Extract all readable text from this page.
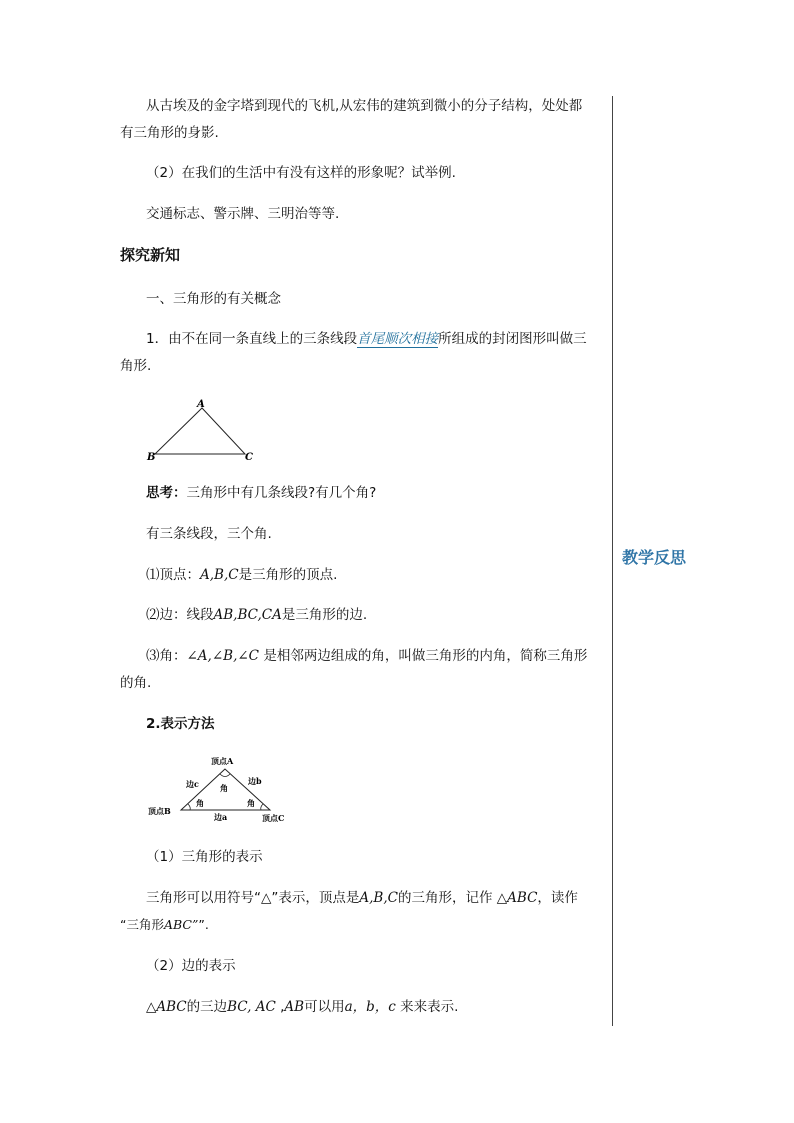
从古埃及的金字塔到现代的飞机,从宏伟的建筑到微小的分子结构，处处都
有三角形的身影.
（2）在我们的生活中有没有这样的形象呢？试举例.
交通标志、警示牌、三明治等等.
探究新知
一、三角形的有关概念
1．由不在同一条直线上的三条线段首尾顺次相接所组成的封闭图形叫做三
角形.
A
B	C
思考：三角形中有几条线段?有几个角?
有三条线段，三个角.
⑴顶点：A,B,C是三角形的顶点.
⑵边：线段AB,BC,CA是三角形的边.
⑶角：∠A,∠B,∠C 是相邻两边组成的角，叫做三角形的内角，简称三角形
的角.
2.表示方法
顶点A
边c	边b
角
角	角
顶点B
边a	顶点C
（1）三角形的表示
三角形可以用符号“△”表示，顶点是A,B,C的三角形，记作 △ABC，读作
“三角形ABC””.
（2）边的表示
△ABC的三边BC, AC ,AB可以用a，b，c 来来表示.
教学反思
